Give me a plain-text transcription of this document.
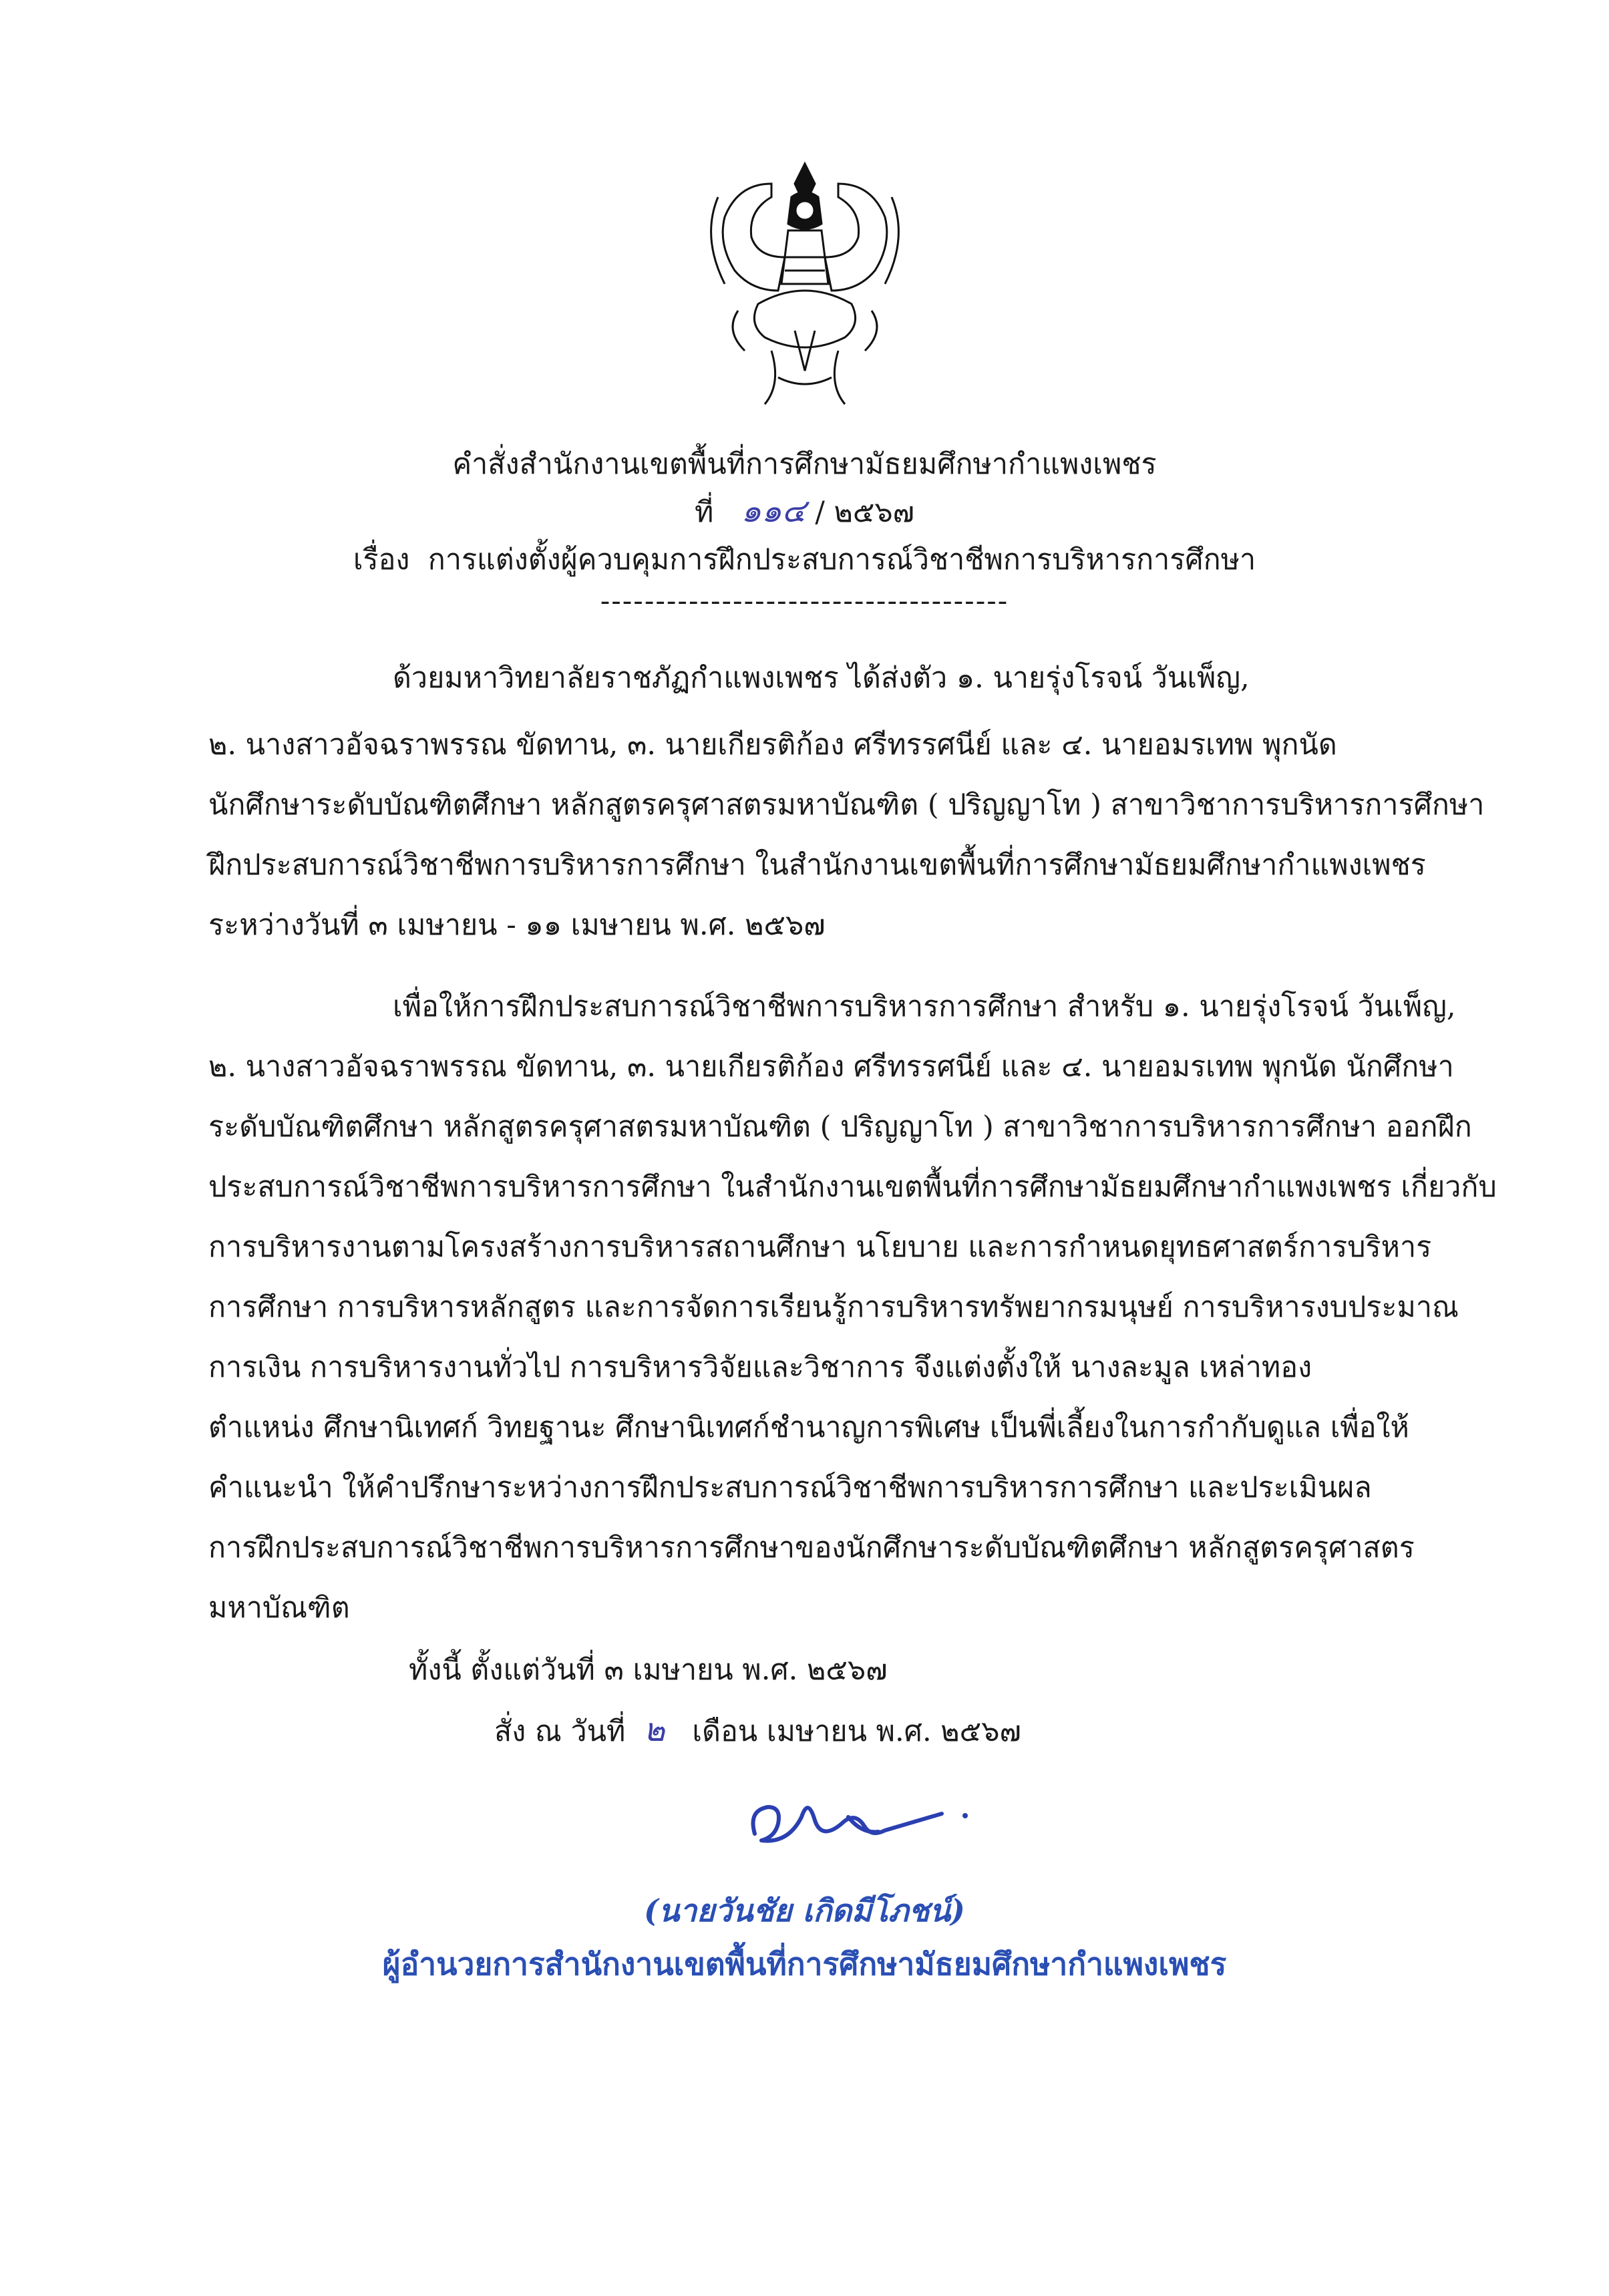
คำสั่งสำนักงานเขตพื้นที่การศึกษามัธยมศึกษากำแพงเพชร
ที่ ๑๑๔ / ๒๕๖๗
เรื่อง การแต่งตั้งผู้ควบคุมการฝึกประสบการณ์วิชาชีพการบริหารการศึกษา
-------------------------------------
ด้วยมหาวิทยาลัยราชภัฏกำแพงเพชร ได้ส่งตัว ๑. นายรุ่งโรจน์ วันเพ็ญ,
๒. นางสาวอัจฉราพรรณ ขัดทาน, ๓. นายเกียรติก้อง ศรีทรรศนีย์ และ ๔. นายอมรเทพ พุกนัด
นักศึกษาระดับบัณฑิตศึกษา หลักสูตรครุศาสตรมหาบัณฑิต ( ปริญญาโท ) สาขาวิชาการบริหารการศึกษา
ฝึกประสบการณ์วิชาชีพการบริหารการศึกษา ในสำนักงานเขตพื้นที่การศึกษามัธยมศึกษากำแพงเพชร
ระหว่างวันที่ ๓ เมษายน - ๑๑ เมษายน พ.ศ. ๒๕๖๗
เพื่อให้การฝึกประสบการณ์วิชาชีพการบริหารการศึกษา สำหรับ ๑. นายรุ่งโรจน์ วันเพ็ญ,
๒. นางสาวอัจฉราพรรณ ขัดทาน, ๓. นายเกียรติก้อง ศรีทรรศนีย์ และ ๔. นายอมรเทพ พุกนัด นักศึกษา
ระดับบัณฑิตศึกษา หลักสูตรครุศาสตรมหาบัณฑิต ( ปริญญาโท ) สาขาวิชาการบริหารการศึกษา ออกฝึก
ประสบการณ์วิชาชีพการบริหารการศึกษา ในสำนักงานเขตพื้นที่การศึกษามัธยมศึกษากำแพงเพชร เกี่ยวกับ
การบริหารงานตามโครงสร้างการบริหารสถานศึกษา นโยบาย และการกำหนดยุทธศาสตร์การบริหาร
การศึกษา การบริหารหลักสูตร และการจัดการเรียนรู้การบริหารทรัพยากรมนุษย์ การบริหารงบประมาณ
การเงิน การบริหารงานทั่วไป การบริหารวิจัยและวิชาการ จึงแต่งตั้งให้ นางละมูล เหล่าทอง
ตำแหน่ง ศึกษานิเทศก์ วิทยฐานะ ศึกษานิเทศก์ชำนาญการพิเศษ เป็นพี่เลี้ยงในการกำกับดูแล เพื่อให้
คำแนะนำ ให้คำปรึกษาระหว่างการฝึกประสบการณ์วิชาชีพการบริหารการศึกษา และประเมินผล
การฝึกประสบการณ์วิชาชีพการบริหารการศึกษาของนักศึกษาระดับบัณฑิตศึกษา หลักสูตรครุศาสตร
มหาบัณฑิต
ทั้งนี้ ตั้งแต่วันที่ ๓ เมษายน พ.ศ. ๒๕๖๗
สั่ง ณ วันที่ ๒ เดือน เมษายน พ.ศ. ๒๕๖๗
(นายวันชัย เกิดมีโภชน์)
ผู้อำนวยการสำนักงานเขตพื้นที่การศึกษามัธยมศึกษากำแพงเพชร
